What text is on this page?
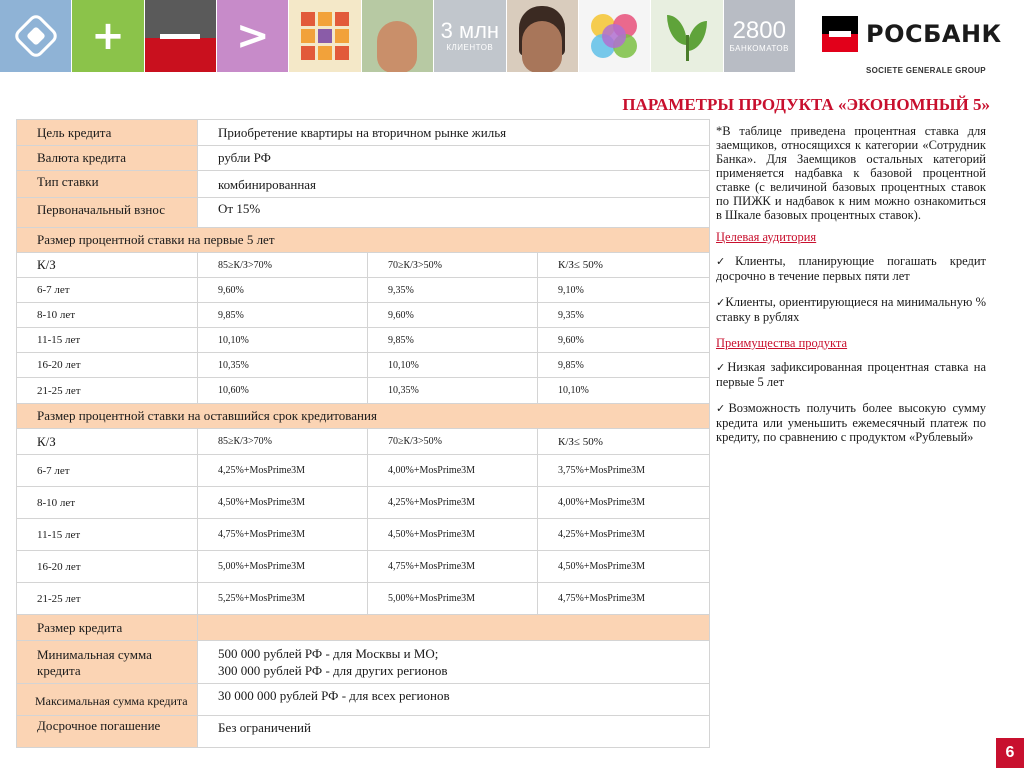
+	>	3 млн
КЛИЕНТОВ
2800
БАНКОМАТОВ
РОСБАНК
SOCIETE GENERALE GROUP
ПАРАМЕТРЫ ПРОДУКТА «ЭКОНОМНЫЙ 5»
Цель кредита	Приобретение квартиры на вторичном рынке жилья		
Валюта кредита	рубли РФ		
Тип ставки	комбинированная		
Первоначальный взнос	От 15%		
Размер процентной ставки на первые 5 лет			
К/З	85≥К/З>70%	70≥К/З>50%	К/З≤ 50%
6-7 лет	9,60%	9,35%	9,10%
8-10 лет	9,85%	9,60%	9,35%
11-15 лет	10,10%	9,85%	9,60%
16-20 лет	10,35%	10,10%	9,85%
21-25 лет	10,60%	10,35%	10,10%
Размер процентной ставки на оставшийся срок кредитования			
К/З	85≥К/З>70%	70≥К/З>50%	К/З≤ 50%
6-7 лет	4,25%+MosPrime3M	4,00%+MosPrime3M	3,75%+MosPrime3M
8-10 лет	4,50%+MosPrime3M	4,25%+MosPrime3M	4,00%+MosPrime3M
11-15 лет	4,75%+MosPrime3M	4,50%+MosPrime3M	4,25%+MosPrime3M
16-20 лет	5,00%+MosPrime3M	4,75%+MosPrime3M	4,50%+MosPrime3M
21-25 лет	5,25%+MosPrime3M	5,00%+MosPrime3M	4,75%+MosPrime3M
Размер кредита			
Минимальная сумма кредита	500 000 рублей РФ - для Москвы и МО;
300 000 рублей РФ - для других регионов		

Максимальная сумма кредита	30 000 000 рублей РФ - для всех регионов		
Досрочное погашение	Без ограничений		
*В таблице приведена процентная ставка для заемщиков, относящихся к категории «Сотрудник Банка». Для Заемщиков остальных категорий применяется надбавка к базовой процентной ставке (с величиной базовых процентных ставок по ПИЖК и надбавок к ним можно ознакомиться в Шкале базовых процентных ставок).
Целевая аудитория
✓Клиенты, планирующие погашать кредит досрочно в течение первых пяти лет
✓Клиенты, ориентирующиеся на минимальную % ставку в рублях
Преимущества продукта
✓Низкая зафиксированная процентная ставка на первые 5 лет
✓Возможность получить более высокую сумму кредита или уменьшить ежемесячный платеж по кредиту, по сравнению с продуктом «Рублевый»
6
